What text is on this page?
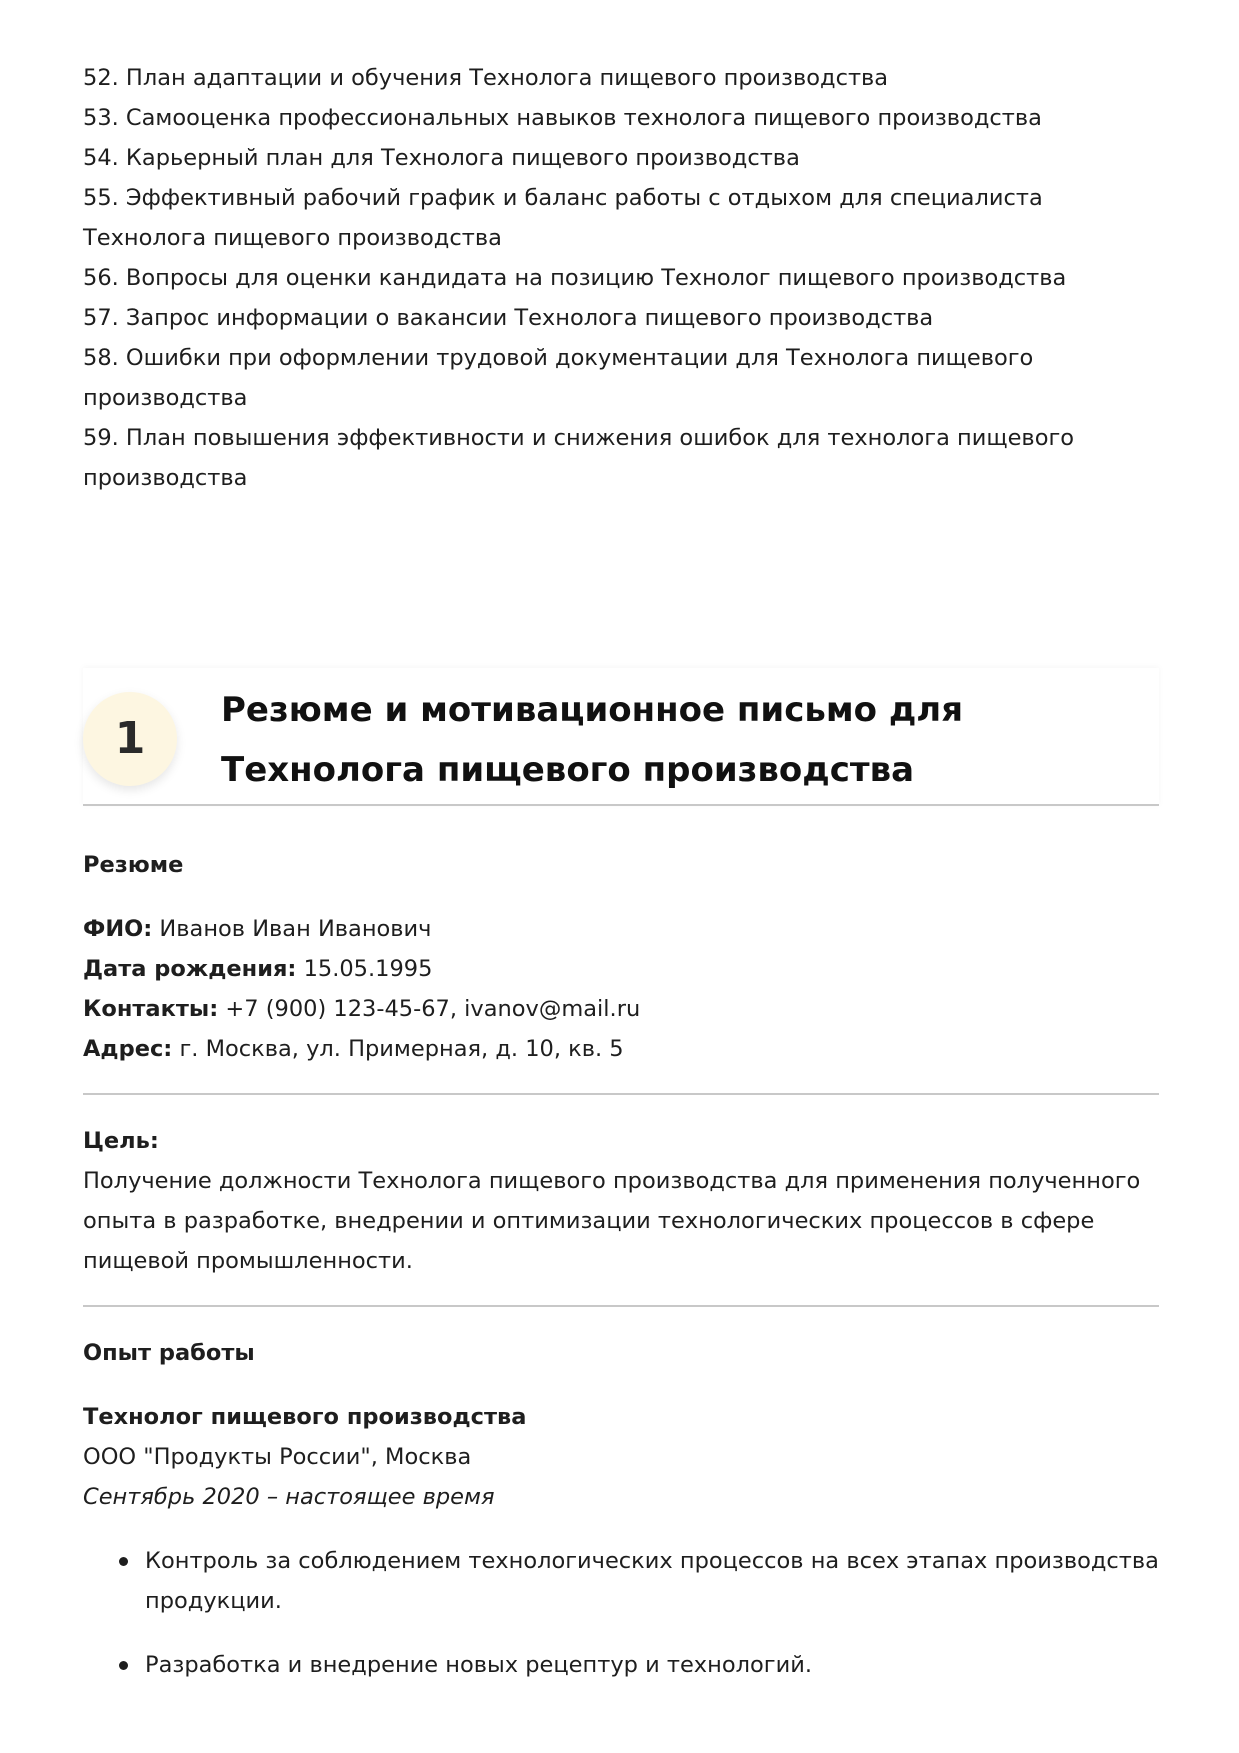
52. План адаптации и обучения Технолога пищевого производства
53. Самооценка профессиональных навыков технолога пищевого производства
54. Карьерный план для Технолога пищевого производства
55. Эффективный рабочий график и баланс работы с отдыхом для специалиста Технолога пищевого производства
56. Вопросы для оценки кандидата на позицию Технолог пищевого производства
57. Запрос информации о вакансии Технолога пищевого производства
58. Ошибки при оформлении трудовой документации для Технолога пищевого производства
59. План повышения эффективности и снижения ошибок для технолога пищевого производства
1
Резюме и мотивационное письмо для Технолога пищевого производства

Резюме

ФИО: Иванов Иван Иванович

Дата рождения: 15.05.1995

Контакты: +7 (900) 123-45-67, ivanov@mail.ru

Адрес: г. Москва, ул. Примерная, д. 10, кв. 5

Цель:

Получение должности Технолога пищевого производства для применения полученного опыта в разработке, внедрении и оптимизации технологических процессов в сфере пищевой промышленности.

Опыт работы

Технолог пищевого производства

ООО "Продукты России", Москва

Сентябрь 2020 – настоящее время

Контроль за соблюдением технологических процессов на всех этапах производства продукции.
Разработка и внедрение новых рецептур и технологий.
